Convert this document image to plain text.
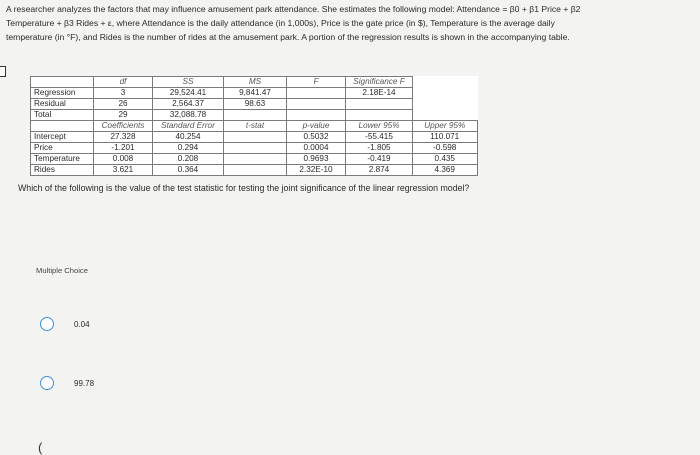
A researcher analyzes the factors that may influence amusement park attendance. She estimates the following model: Attendance = β0 + β1 Price + β2

Temperature + β3 Rides + ε, where Attendance is the daily attendance (in 1,000s), Price is the gate price (in $), Temperature is the average daily

temperature (in °F), and Rides is the number of rides at the amusement park. A portion of the regression results is shown in the accompanying table.

	df	SS	MS	F	Significance F	
Regression	3	29,524.41	9,841.47		2.18E-14	
Residual	26	2,564.37	98.63			
Total	29	32,088.78				
	Coefficients	Standard Error	t-stat	p-value	Lower 95%	Upper 95%
Intercept	27.328	40.254		0.5032	-55.415	110.071
Price	-1.201	0.294		0.0004	-1.805	-0.598
Temperature	0.008	0.208		0.9693	-0.419	0.435
Rides	3.621	0.364		2.32E-10	2.874	4.369
Which of the following is the value of the test statistic for testing the joint significance of the linear regression model?
Multiple Choice
0.04
99.78
(
